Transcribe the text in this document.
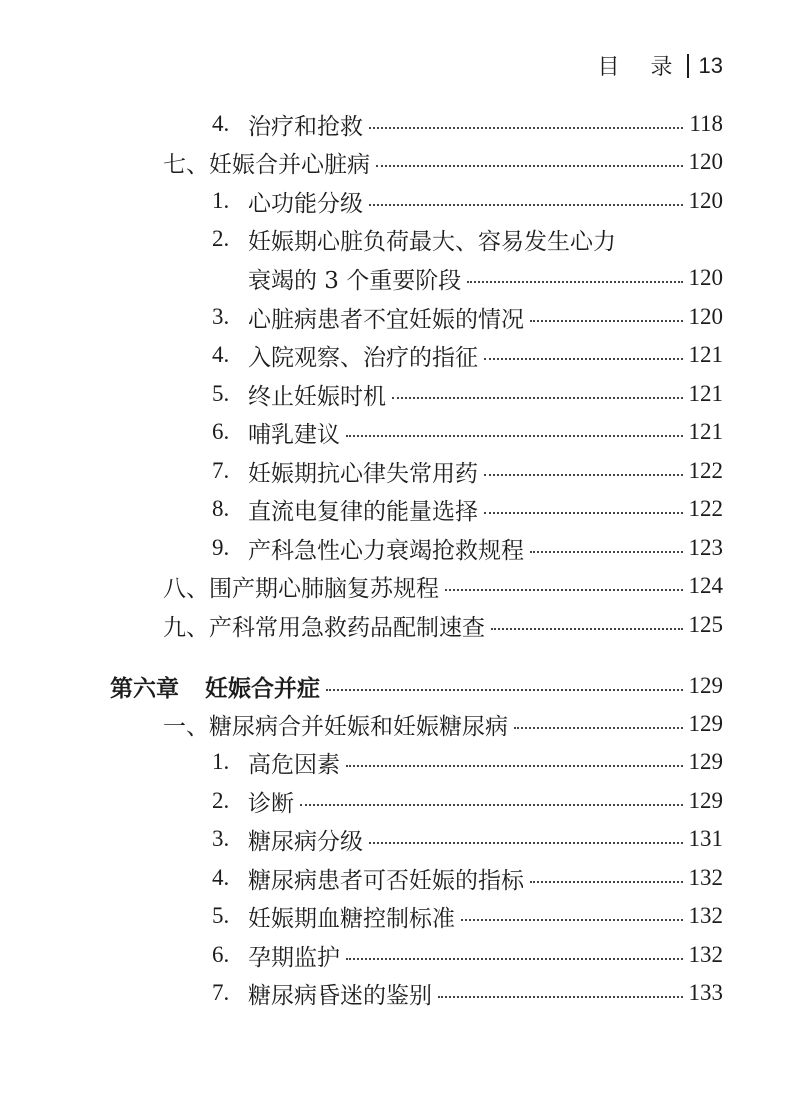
目 录 13
4. 治疗和抢救	118
七、 妊娠合并心脏病	120
1. 心功能分级	120
2. 妊娠期心脏负荷最大、容易发生心力
衰竭的 3 个重要阶段	120
3. 心脏病患者不宜妊娠的情况	120
4. 入院观察、治疗的指征	121
5. 终止妊娠时机	121
6. 哺乳建议	121
7. 妊娠期抗心律失常用药	122
8. 直流电复律的能量选择	122
9. 产科急性心力衰竭抢救规程	123
八、 围产期心肺脑复苏规程	124
九、 产科常用急救药品配制速查	125
第六章 妊娠合并症	129
一、 糖尿病合并妊娠和妊娠糖尿病	129
1. 高危因素	129
2. 诊断	129
3. 糖尿病分级	131
4. 糖尿病患者可否妊娠的指标	132
5. 妊娠期血糖控制标准	132
6. 孕期监护	132
7. 糖尿病昏迷的鉴别	133
